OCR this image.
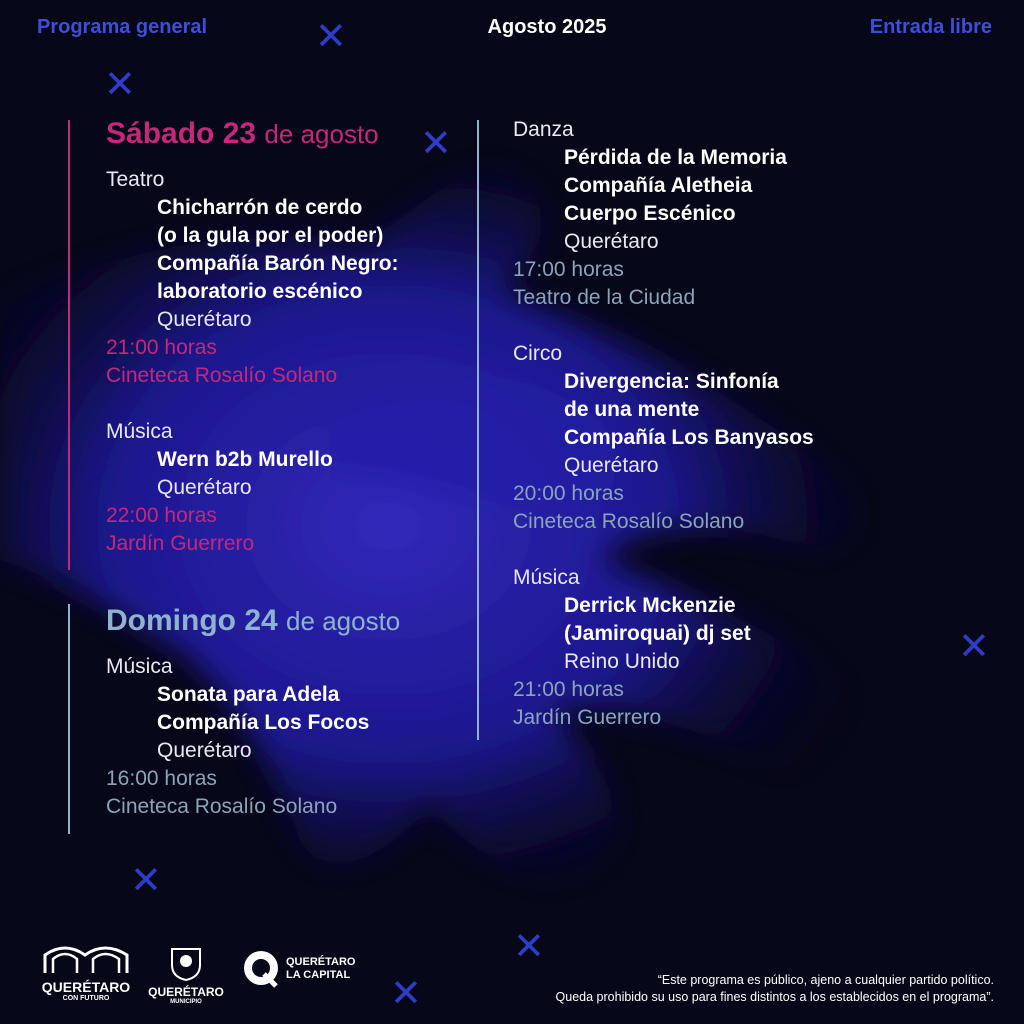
Programa general	Agosto 2025	Entrada libre
✕
✕
✕
✕
✕
✕
✕
Sábado 23 de agosto
Teatro
Chicharrón de cerdo
(o la gula por el poder)
Compañía Barón Negro:
laboratorio escénico
Querétaro
21:00 horas
Cineteca Rosalío Solano
Música
Wern b2b Murello
Querétaro
22:00 horas
Jardín Guerrero
Domingo 24 de agosto
Música
Sonata para Adela
Compañía Los Focos
Querétaro
16:00 horas
Cineteca Rosalío Solano
Danza
Pérdida de la Memoria
Compañía Aletheia
Cuerpo Escénico
Querétaro
17:00 horas
Teatro de la Ciudad
Circo
Divergencia: Sinfonía
de una mente
Compañía Los Banyasos
Querétaro
20:00 horas
Cineteca Rosalío Solano
Música
Derrick Mckenzie
(Jamiroquai) dj set
Reino Unido
21:00 horas
Jardín Guerrero
QUERÉTARO
CON FUTURO	QUERÉTARO
MUNICIPIO
QUERÉTARO
LA CAPITAL	“Este programa es público, ajeno a cualquier partido político.
Queda prohibido su uso para fines distintos a los establecidos en el programa”.
